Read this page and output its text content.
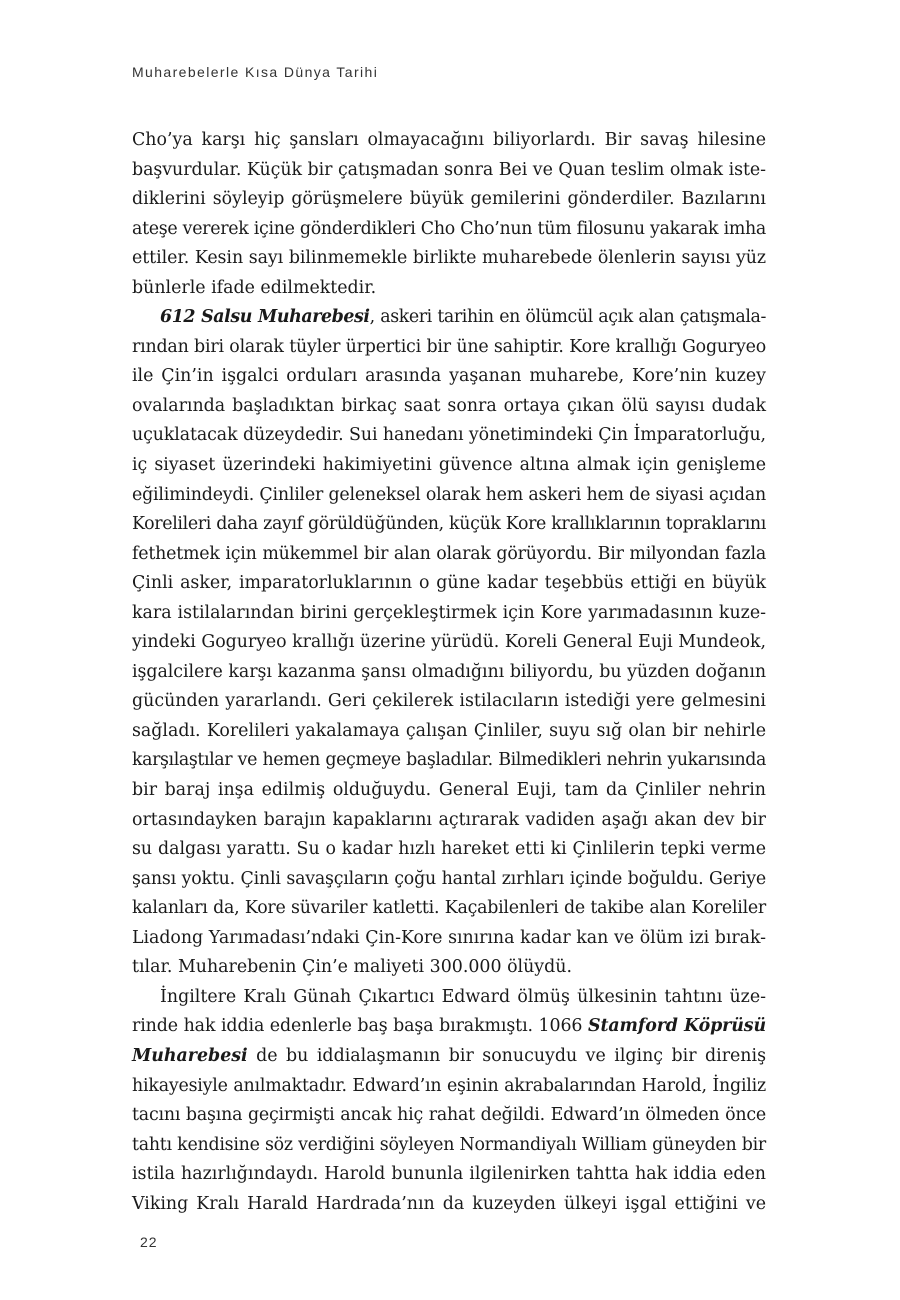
Muharebelerle Kısa Dünya Tarihi

Cho’ya karşı hiç şansları olmayacağını biliyorlardı. Bir savaş hilesine
başvurdular. Küçük bir çatışmadan sonra Bei ve Quan teslim olmak iste-
diklerini söyleyip görüşmelere büyük gemilerini gönderdiler. Bazılarını
ateşe vererek içine gönderdikleri Cho Cho’nun tüm filosunu yakarak imha
ettiler. Kesin sayı bilinmemekle birlikte muharebede ölenlerin sayısı yüz
bünlerle ifade edilmektedir.

612 Salsu Muharebesi, askeri tarihin en ölümcül açık alan çatışmala-
rından biri olarak tüyler ürpertici bir üne sahiptir. Kore krallığı Goguryeo
ile Çin’in işgalci orduları arasında yaşanan muharebe, Kore’nin kuzey
ovalarında başladıktan birkaç saat sonra ortaya çıkan ölü sayısı dudak
uçuklatacak düzeydedir. Sui hanedanı yönetimindeki Çin İmparatorluğu,
iç siyaset üzerindeki hakimiyetini güvence altına almak için genişleme
eğilimindeydi. Çinliler geleneksel olarak hem askeri hem de siyasi açıdan
Korelileri daha zayıf görüldüğünden, küçük Kore krallıklarının topraklarını
fethetmek için mükemmel bir alan olarak görüyordu. Bir milyondan fazla
Çinli asker, imparatorluklarının o güne kadar teşebbüs ettiği en büyük
kara istilalarından birini gerçekleştirmek için Kore yarımadasının kuze-
yindeki Goguryeo krallığı üzerine yürüdü. Koreli General Euji Mundeok,
işgalcilere karşı kazanma şansı olmadığını biliyordu, bu yüzden doğanın
gücünden yararlandı. Geri çekilerek istilacıların istediği yere gelmesini
sağladı. Korelileri yakalamaya çalışan Çinliler, suyu sığ olan bir nehirle
karşılaştılar ve hemen geçmeye başladılar. Bilmedikleri nehrin yukarısında
bir baraj inşa edilmiş olduğuydu. General Euji, tam da Çinliler nehrin
ortasındayken barajın kapaklarını açtırarak vadiden aşağı akan dev bir
su dalgası yarattı. Su o kadar hızlı hareket etti ki Çinlilerin tepki verme
şansı yoktu. Çinli savaşçıların çoğu hantal zırhları içinde boğuldu. Geriye
kalanları da, Kore süvariler katletti. Kaçabilenleri de takibe alan Koreliler
Liadong Yarımadası’ndaki Çin-Kore sınırına kadar kan ve ölüm izi bırak-
tılar. Muharebenin Çin’e maliyeti 300.000 ölüydü.

İngiltere Kralı Günah Çıkartıcı Edward ölmüş ülkesinin tahtını üze-
rinde hak iddia edenlerle baş başa bırakmıştı. 1066 Stamford Köprüsü
Muharebesi de bu iddialaşmanın bir sonucuydu ve ilginç bir direniş
hikayesiyle anılmaktadır. Edward’ın eşinin akrabalarından Harold, İngiliz
tacını başına geçirmişti ancak hiç rahat değildi. Edward’ın ölmeden önce
tahtı kendisine söz verdiğini söyleyen Normandiyalı William güneyden bir
istila hazırlığındaydı. Harold bununla ilgilenirken tahtta hak iddia eden
Viking Kralı Harald Hardrada’nın da kuzeyden ülkeyi işgal ettiğini ve

22
